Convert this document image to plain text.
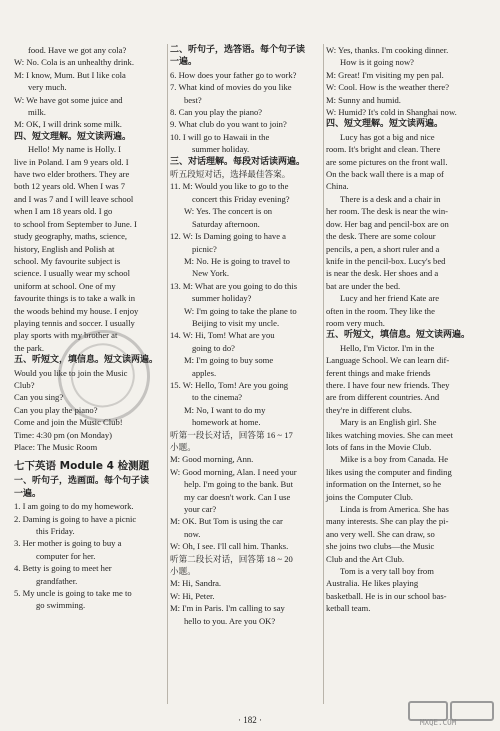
food. Have we got any cola?
W: No. Cola is an unhealthy drink.
M: I know, Mum. But I like cola
very much.
W: We have got some juice and
milk.
M: OK, I will drink some milk.
四、短文理解。短文读两遍。
Hello! My name is Holly. I
live in Poland. I am 9 years old. I
have two elder brothers. They are
both 12 years old. When I was 7
and I was 7 and I will leave school
when I am 18 years old. I go
to school from September to June. I
study geography, maths, science,
history, English and Polish at
school. My favourite subject is
science. I usually wear my school
uniform at school. One of my
favourite things is to take a walk in
the woods behind my house. I enjoy
playing tennis and soccer. I usually
play sports with my brother at
the park.
五、听短文，填信息。短文读两遍。
Would you like to join the Music
Club?
Can you sing?
Can you play the piano?
Come and join the Music Club!
Time: 4:30 pm (on Monday)
Place: The Music Room
七下英语 Module 4 检测题
一、听句子，选画面。每个句子读
一遍。
1. I am going to do my homework.
2. Daming is going to have a picnic
this Friday.
3. Her mother is going to buy a
computer for her.
4. Betty is going to meet her
grandfather.
5. My uncle is going to take me to
go swimming.
二、听句子，选答语。每个句子读
一遍。
6. How does your father go to work?
7. What kind of movies do you like
best?
8. Can you play the piano?
9. What club do you want to join?
10. I will go to Hawaii in the
summer holiday.
三、对话理解。每段对话读两遍。
听五段短对话，选择最佳答案。
11. M: Would you like to go to the
concert this Friday evening?
W: Yes. The concert is on
Saturday afternoon.
12. W: Is Daming going to have a
picnic?
M: No. He is going to travel to
New York.
13. M: What are you going to do this
summer holiday?
W: I'm going to take the plane to
Beijing to visit my uncle.
14. W: Hi, Tom! What are you
going to do?
M: I'm going to buy some
apples.
15. W: Hello, Tom! Are you going
to the cinema?
M: No, I want to do my
homework at home.
听第一段长对话，回答第 16 ~ 17
小题。
M: Good morning, Ann.
W: Good morning, Alan. I need your
help. I'm going to the bank. But
my car doesn't work. Can I use
your car?
M: OK. But Tom is using the car
now.
W: Oh, I see. I'll call him. Thanks.
听第二段长对话，回答第 18 ~ 20
小题。
M: Hi, Sandra.
W: Hi, Peter.
M: I'm in Paris. I'm calling to say
hello to you. Are you OK?
W: Yes, thanks. I'm cooking dinner.
How is it going now?
M: Great! I'm visiting my pen pal.
W: Cool. How is the weather there?
M: Sunny and humid.
W: Humid? It's cold in Shanghai now.
四、短文理解。短文读两遍。
Lucy has got a big and nice
room. It's bright and clean. There
are some pictures on the front wall.
On the back wall there is a map of
China.
There is a desk and a chair in
her room. The desk is near the win-
dow. Her bag and pencil-box are on
the desk. There are some colour
pencils, a pen, a short ruler and a
knife in the pencil-box. Lucy's bed
is near the desk. Her shoes and a
bat are under the bed.
Lucy and her friend Kate are
often in the room. They like the
room very much.
五、听短文，填信息。短文读两遍。
Hello, I'm Victor. I'm in the
Language School. We can learn dif-
ferent things and make friends
there. I have four new friends. They
are from different countries. And
they're in different clubs.
Mary is an English girl. She
likes watching movies. She can meet
lots of fans in the Movie Club.
Mike is a boy from Canada. He
likes using the computer and finding
information on the Internet, so he
joins the Computer Club.
Linda is from America. She has
many interests. She can play the pi-
ano very well. She can draw, so
she joins two clubs—the Music
Club and the Art Club.
Tom is a very tall boy from
Australia. He likes playing
basketball. He is in our school bas-
ketball team.
· 182 ·	MXQE.COM
